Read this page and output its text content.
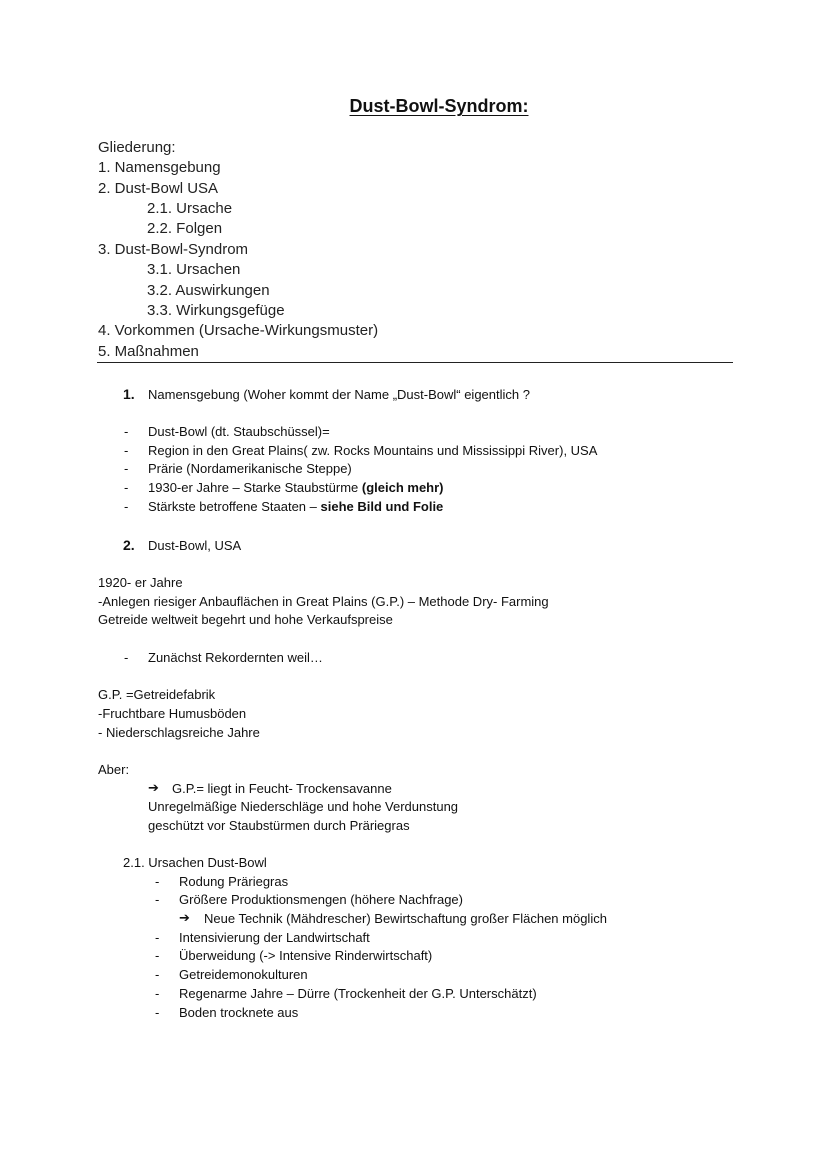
Dust-Bowl-Syndrom:
Gliederung:
1. Namensgebung
2. Dust-Bowl USA
2.1. Ursache
2.2. Folgen
3. Dust-Bowl-Syndrom
3.1. Ursachen
3.2. Auswirkungen
3.3. Wirkungsgefüge
4. Vorkommen (Ursache-Wirkungsmuster)
5. Maßnahmen
1. Namensgebung (Woher kommt der Name „Dust-Bowl“ eigentlich ?
- Dust-Bowl (dt. Staubschüssel)=
- Region in den Great Plains( zw. Rocks Mountains und Mississippi River), USA
- Prärie (Nordamerikanische Steppe)
- 1930-er Jahre – Starke Staubstürme (gleich mehr)
- Stärkste betroffene Staaten – siehe Bild und Folie
2. Dust-Bowl, USA
1920- er Jahre
-Anlegen riesiger Anbauflächen in Great Plains (G.P.) – Methode Dry- Farming
Getreide weltweit begehrt und hohe Verkaufspreise
- Zunächst Rekordernten weil…
G.P. =Getreidefabrik
-Fruchtbare Humusböden
- Niederschlagsreiche Jahre
Aber:
➔ G.P.= liegt in Feucht- Trockensavanne
Unregelmäßige Niederschläge und hohe Verdunstung
geschützt vor Staubstürmen durch Präriegras
2.1. Ursachen Dust-Bowl
- Rodung Präriegras
- Größere Produktionsmengen (höhere Nachfrage)
➔ Neue Technik (Mähdrescher) Bewirtschaftung großer Flächen möglich
- Intensivierung der Landwirtschaft
- Überweidung (-> Intensive Rinderwirtschaft)
- Getreidemonokulturen
- Regenarme Jahre – Dürre (Trockenheit der G.P. Unterschätzt)
- Boden trocknete aus
